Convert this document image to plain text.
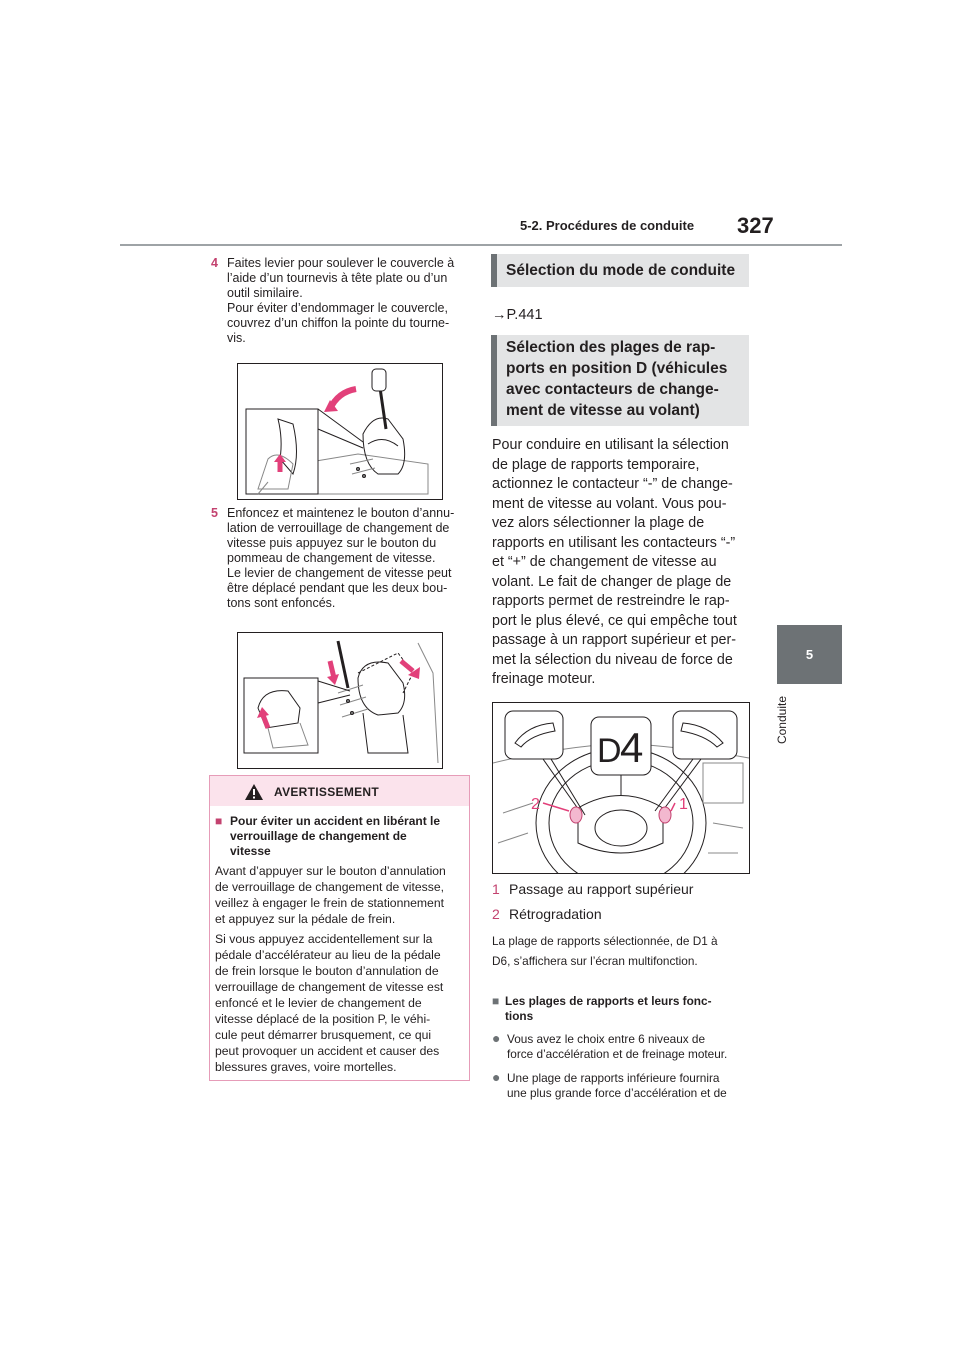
5-2. Procédures de conduite 327
5
Conduite
4 Faites levier pour soulever le couvercle à
l’aide d’un tournevis à tête plate ou d’un
outil similaire.
Pour éviter d’endommager le couvercle,
couvrez d’un chiffon la pointe du tourne-
vis.
5 Enfoncez et maintenez le bouton d’annu-
lation de verrouillage de changement de
vitesse puis appuyez sur le bouton du
pommeau de changement de vitesse.
Le levier de changement de vitesse peut
être déplacé pendant que les deux bou-
tons sont enfoncés.
AVERTISSEMENT
■ Pour éviter un accident en libérant le
verrouillage de changement de
vitesse
Avant d’appuyer sur le bouton d’annulation
de verrouillage de changement de vitesse,
veillez à engager le frein de stationnement
et appuyez sur la pédale de frein.
Si vous appuyez accidentellement sur la
pédale d’accélérateur au lieu de la pédale
de frein lorsque le bouton d’annulation de
verrouillage de changement de vitesse est
enfoncé et le levier de changement de
vitesse déplacé de la position P, le véhi-
cule peut démarrer brusquement, ce qui
peut provoquer un accident et causer des
blessures graves, voire mortelles.
Sélection du mode de conduite
→P.441
Sélection des plages de rap-
ports en position D (véhicules
avec contacteurs de change-
ment de vitesse au volant)
Pour conduire en utilisant la sélection
de plage de rapports temporaire,
actionnez le contacteur “-” de change-
ment de vitesse au volant. Vous pou-
vez alors sélectionner la plage de
rapports en utilisant les contacteurs “-”
et “+” de changement de vitesse au
volant. Le fait de changer de plage de
rapports permet de restreindre le rap-
port le plus élevé, ce qui empêche tout
passage à un rapport supérieur et per-
met la sélection du niveau de force de
freinage moteur.
D
4
2	1
1 Passage au rapport supérieur
2 Rétrogradation
La plage de rapports sélectionnée, de D1 à
D6, s’affichera sur l’écran multifonction.
■ Les plages de rapports et leurs fonc-
tions
● Vous avez le choix entre 6 niveaux de
force d’accélération et de freinage moteur.
● Une plage de rapports inférieure fournira
une plus grande force d’accélération et de
